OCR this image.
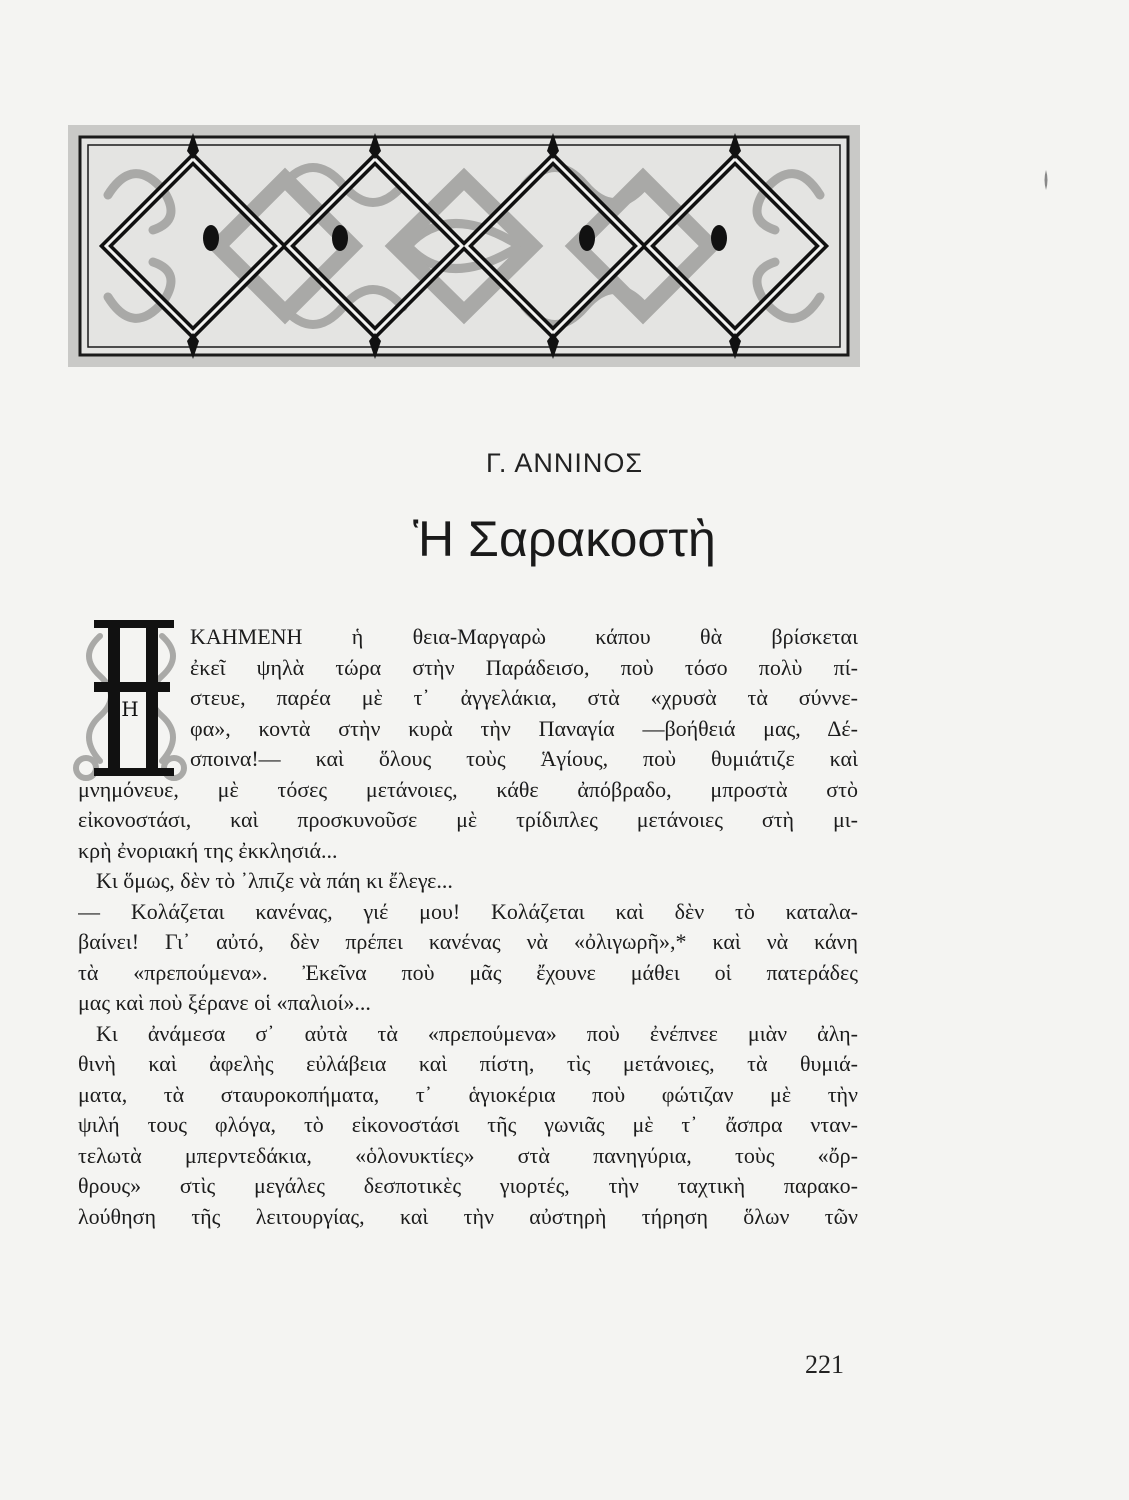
Γ. ΑΝΝΙΝΟΣ
Ἡ Σαρακοστὴ
Η
ΚΑΗΜΕΝΗ ἡ θεια-Μαργαρὼ κάπου θὰ βρίσκεται
ἐκεῖ ψηλὰ τώρα στὴν Παράδεισο, ποὺ τόσο πολὺ πί-
στευε, παρέα μὲ τ᾽ ἀγγελάκια, στὰ «χρυσὰ τὰ σύννε-
φα», κοντὰ στὴν κυρὰ τὴν Παναγία —βοήθειά μας, Δέ-
σποινα!— καὶ ὅλους τοὺς Ἁγίους, ποὺ θυμιάτιζε καὶ
μνημόνευε, μὲ τόσες μετάνοιες, κάθε ἀπόβραδο, μπροστὰ στὸ
εἰκονοστάσι, καὶ προσκυνοῦσε μὲ τρίδιπλες μετάνοιες στὴ μι-
κρὴ ἐνοριακή της ἐκκλησιά...
Κι ὅμως, δὲν τὸ ᾽λπιζε νὰ πάη κι ἔλεγε...
— Κολάζεται κανένας, γιέ μου! Κολάζεται καὶ δὲν τὸ καταλα-
βαίνει! Γι᾽ αὐτό, δὲν πρέπει κανένας νὰ «ὀλιγωρῆ»,* καὶ νὰ κάνη
τὰ «πρεπούμενα». Ἐκεῖνα ποὺ μᾶς ἔχουνε μάθει οἱ πατεράδες
μας καὶ ποὺ ξέρανε οἱ «παλιοί»...
Κι ἀνάμεσα σ᾽ αὐτὰ τὰ «πρεπούμενα» ποὺ ἐνέπνεε μιὰν ἀλη-
θινὴ καὶ ἀφελὴς εὐλάβεια καὶ πίστη, τὶς μετάνοιες, τὰ θυμιά-
ματα, τὰ σταυροκοπήματα, τ᾽ ἁγιοκέρια ποὺ φώτιζαν μὲ τὴν
ψιλή τους φλόγα, τὸ εἰκονοστάσι τῆς γωνιᾶς μὲ τ᾽ ἄσπρα νταν-
τελωτὰ μπερντεδάκια, «ὁλονυκτίες» στὰ πανηγύρια, τοὺς «ὄρ-
θρους» στὶς μεγάλες δεσποτικὲς γιορτές, τὴν ταχτικὴ παρακο-
λούθηση τῆς λειτουργίας, καὶ τὴν αὐστηρὴ τήρηση ὅλων τῶν
221
